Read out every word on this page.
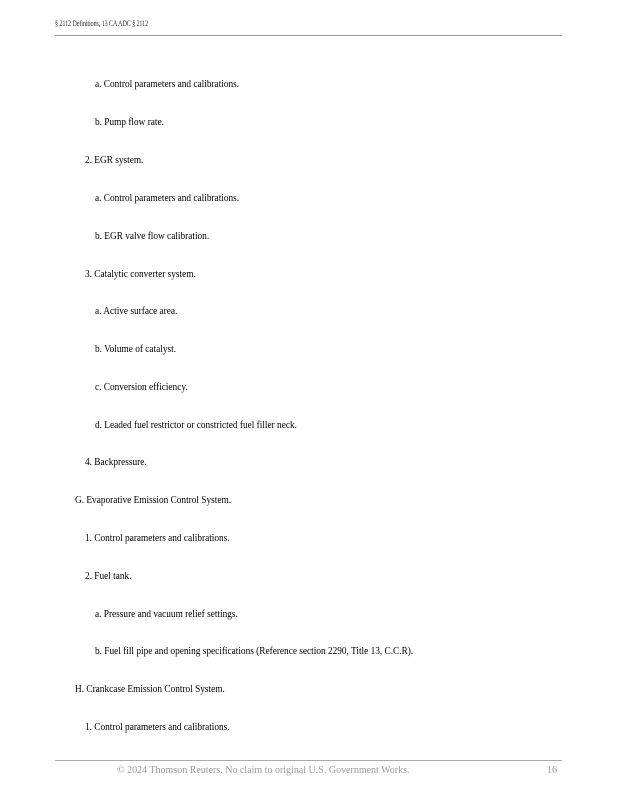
§ 2112 Definitions, 13 CA ADC § 2112
a. Control parameters and calibrations.
b. Pump flow rate.
2. EGR system.
a. Control parameters and calibrations.
b. EGR valve flow calibration.
3. Catalytic converter system.
a. Active surface area.
b. Volume of catalyst.
c. Conversion efficiency.
d. Leaded fuel restrictor or constricted fuel filler neck.
4. Backpressure.
G. Evaporative Emission Control System.
1. Control parameters and calibrations.
2. Fuel tank.
a. Pressure and vacuum relief settings.
b. Fuel fill pipe and opening specifications (Reference section 2290, Title 13, C.C.R).
H. Crankcase Emission Control System.
1. Control parameters and calibrations.
© 2024 Thomson Reuters. No claim to original U.S. Government Works.	16
